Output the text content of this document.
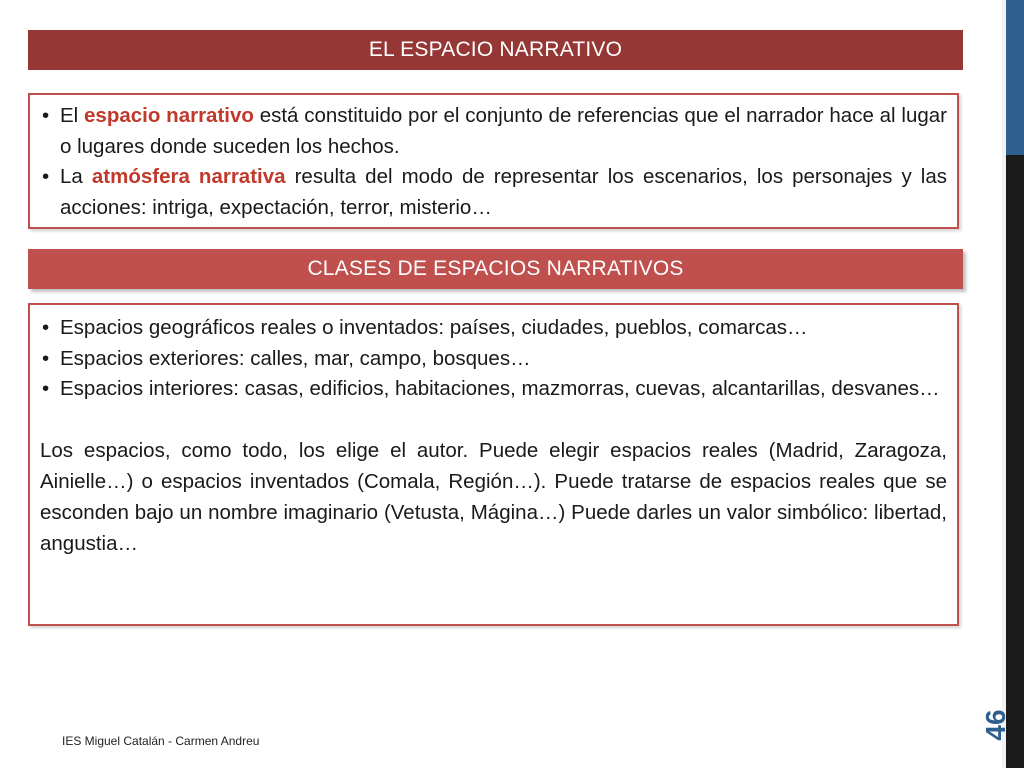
EL ESPACIO NARRATIVO
• El espacio narrativo está constituido por el conjunto de referencias que el narrador hace al lugar o lugares donde suceden los hechos.
• La atmósfera narrativa resulta del modo de representar los escenarios, los personajes y las acciones: intriga, expectación, terror, misterio…
CLASES DE ESPACIOS NARRATIVOS
• Espacios geográficos reales o inventados: países, ciudades, pueblos, comarcas…
• Espacios exteriores: calles, mar, campo, bosques…
• Espacios interiores: casas, edificios, habitaciones, mazmorras, cuevas, alcantarillas, desvanes…
Los espacios, como todo, los elige el autor. Puede elegir espacios reales (Madrid, Zaragoza, Ainielle…) o espacios inventados (Comala, Región…). Puede tratarse de espacios reales que se esconden bajo un nombre imaginario (Vetusta, Mágina…) Puede darles un valor simbólico: libertad, angustia…
IES Miguel Catalán - Carmen Andreu
46
